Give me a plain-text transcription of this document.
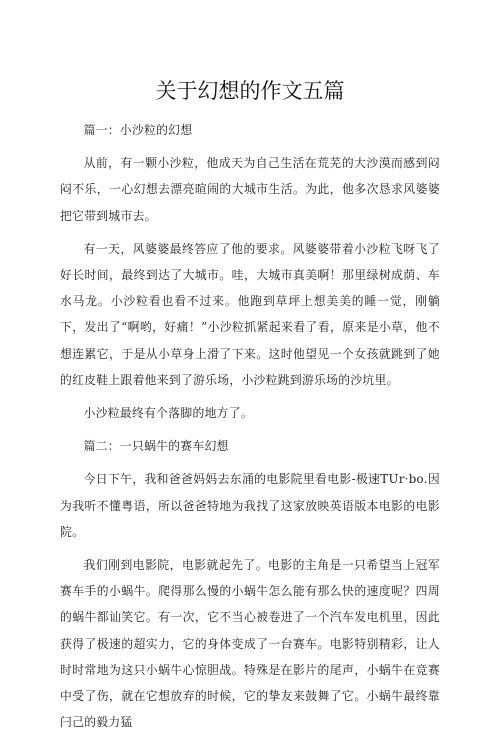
关于幻想的作文五篇

篇一：小沙粒的幻想

从前，有一颗小沙粒，他成天为自己生活在荒芜的大沙漠而感到闷闷不乐，一心幻想去漂亮暄闹的大城市生活。为此，他多次恳求风婆婆把它带到城市去。

有一天，风婆婆最终答应了他的要求。风婆婆带着小沙粒飞呀飞了好长时间，最终到达了大城市。哇，大城市真美啊！那里绿树成荫、车水马龙。小沙粒看也看不过来。他跑到草坪上想美美的睡一觉，刚躺下，发出了“啊哟，好痛！”小沙粒抓紧起来看了看，原来是小草，他不想连累它，于是从小草身上滑了下来。这时他望见一个女孩就跳到了她的红皮鞋上跟着他来到了游乐场，小沙粒跳到游乐场的沙坑里。

小沙粒最终有个落脚的地方了。

篇二：一只蜗牛的赛车幻想

今日下午，我和爸爸妈妈去东涌的电影院里看电影-极速TUr·bo.因为我听不懂粤语，所以爸爸特地为我找了这家放映英语版本电影的电影院。

我们刚到电影院，电影就起先了。电影的主角是一只希望当上冠军赛车手的小蜗牛。爬得那么慢的小蜗牛怎么能有那么快的速度呢？四周的蜗牛都讪笑它。有一次，它不当心被卷进了一个汽车发电机里，因此获得了极速的超实力，它的身体变成了一台赛车。电影特别精彩，让人时时常地为这只小蜗牛心惊胆战。特殊是在影片的尾声，小蜗牛在竞赛中受了伤，就在它想放弃的时候，它的挚友来鼓舞了它。小蜗牛最终靠闩己的毅力猛
